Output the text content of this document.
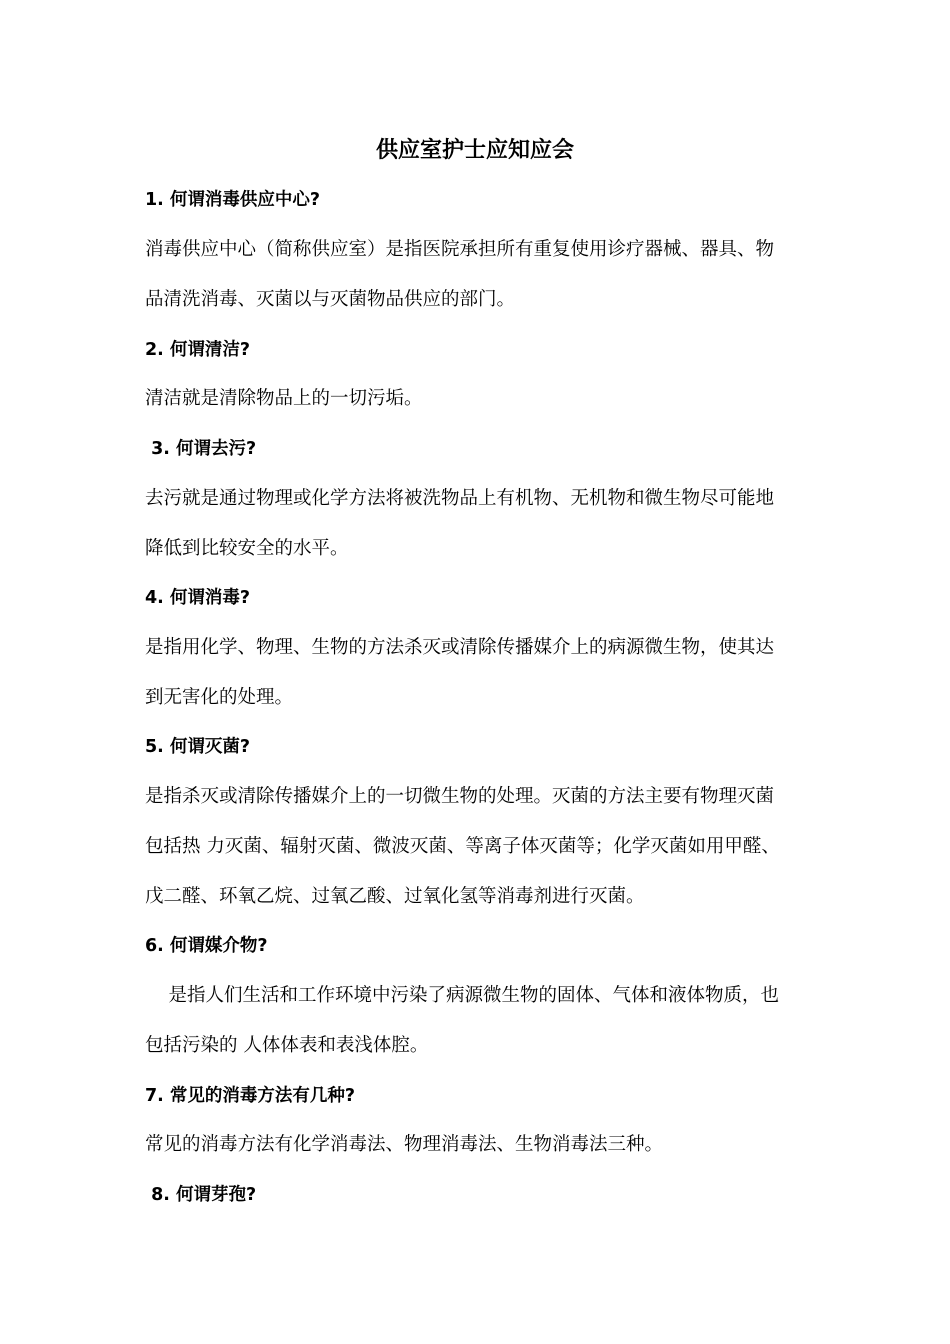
供应室护士应知应会
1. 何谓消毒供应中心?
消毒供应中心（简称供应室）是指医院承担所有重复使用诊疗器械、器具、物
品清洗消毒、灭菌以与灭菌物品供应的部门。
2. 何谓清洁?
清洁就是清除物品上的一切污垢。
3. 何谓去污?
去污就是通过物理或化学方法将被洗物品上有机物、无机物和微生物尽可能地
降低到比较安全的水平。
4. 何谓消毒?
是指用化学、物理、生物的方法杀灭或清除传播媒介上的病源微生物，使其达
到无害化的处理。
5. 何谓灭菌?
是指杀灭或清除传播媒介上的一切微生物的处理。灭菌的方法主要有物理灭菌
包括热 力灭菌、辐射灭菌、微波灭菌、等离子体灭菌等；化学灭菌如用甲醛、
戊二醛、环氧乙烷、过氧乙酸、过氧化氢等消毒剂进行灭菌。
6. 何谓媒介物?
是指人们生活和工作环境中污染了病源微生物的固体、气体和液体物质，也
包括污染的 人体体表和表浅体腔。
7. 常见的消毒方法有几种?
常见的消毒方法有化学消毒法、物理消毒法、生物消毒法三种。
8. 何谓芽孢?
